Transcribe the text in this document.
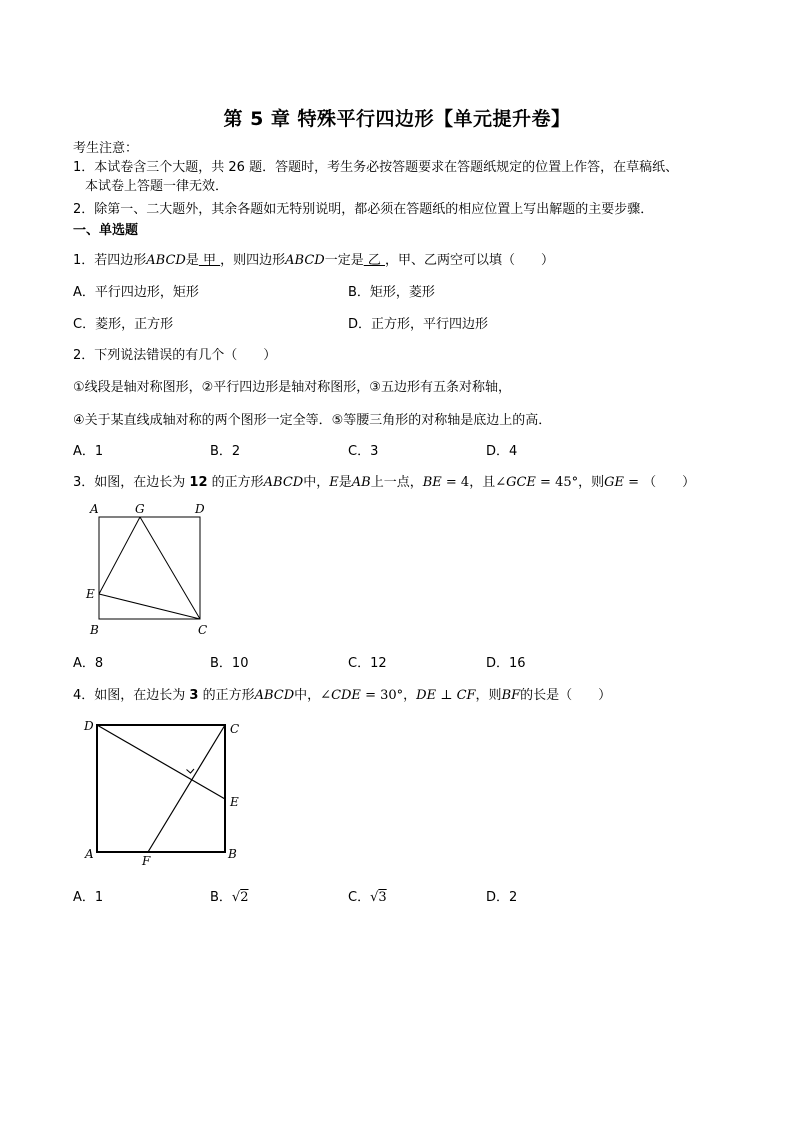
第 5 章 特殊平行四边形【单元提升卷】
考生注意：
1．本试卷含三个大题，共 26 题．答题时，考生务必按答题要求在答题纸规定的位置上作答，在草稿纸、
本试卷上答题一律无效．
2．除第一、二大题外，其余各题如无特别说明，都必须在答题纸的相应位置上写出解题的主要步骤．
一、单选题
1．若四边形ABCD是 甲 ，则四边形ABCD一定是 乙 ，甲、乙两空可以填（　　）
A．平行四边形，矩形	B．矩形，菱形
C．菱形，正方形	D．正方形，平行四边形
2．下列说法错误的有几个（　　）
①线段是轴对称图形，②平行四边形是轴对称图形，③五边形有五条对称轴，
④关于某直线成轴对称的两个图形一定全等．⑤等腰三角形的对称轴是底边上的高．
A．1	B．2	C．3	D．4
3．如图，在边长为 12 的正方形ABCD中，E是AB上一点，BE = 4，且∠GCE = 45°，则GE = （　　）
A	G	D
E
B	C
A．8	B．10	C．12	D．16
4．如图，在边长为 3 的正方形ABCD中，∠CDE = 30°，DE ⊥ CF，则BF的长是（　　）
D	C
E
A	F	B
A．1	B．√2	C．√3	D．2
